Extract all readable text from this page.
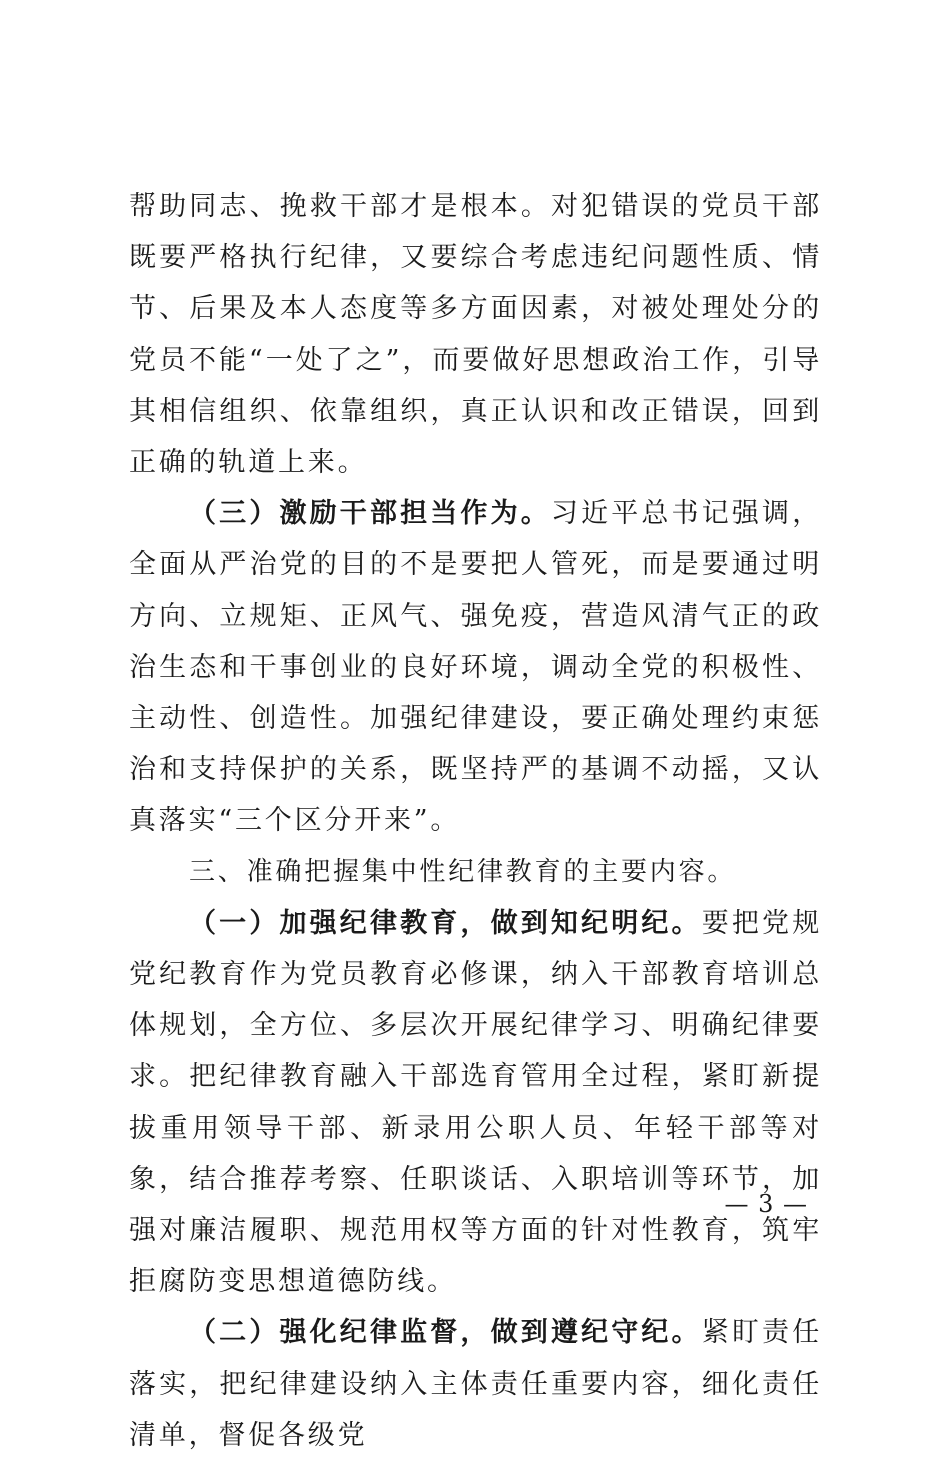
帮助同志、挽救干部才是根本。对犯错误的党员干部既要严格执行纪律，又要综合考虑违纪问题性质、情节、后果及本人态度等多方面因素，对被处理处分的党员不能“一处了之”，而要做好思想政治工作，引导其相信组织、依靠组织，真正认识和改正错误，回到正确的轨道上来。

（三）激励干部担当作为。习近平总书记强调，全面从严治党的目的不是要把人管死，而是要通过明方向、立规矩、正风气、强免疫，营造风清气正的政治生态和干事创业的良好环境，调动全党的积极性、主动性、创造性。加强纪律建设，要正确处理约束惩治和支持保护的关系，既坚持严的基调不动摇，又认真落实“三个区分开来”。

三、准确把握集中性纪律教育的主要内容。

（一）加强纪律教育，做到知纪明纪。要把党规党纪教育作为党员教育必修课，纳入干部教育培训总体规划，全方位、多层次开展纪律学习、明确纪律要求。把纪律教育融入干部选育管用全过程，紧盯新提拔重用领导干部、新录用公职人员、年轻干部等对象，结合推荐考察、任职谈话、入职培训等环节，加强对廉洁履职、规范用权等方面的针对性教育，筑牢拒腐防变思想道德防线。

（二）强化纪律监督，做到遵纪守纪。紧盯责任落实，把纪律建设纳入主体责任重要内容，细化责任清单，督促各级党

— 3 —
